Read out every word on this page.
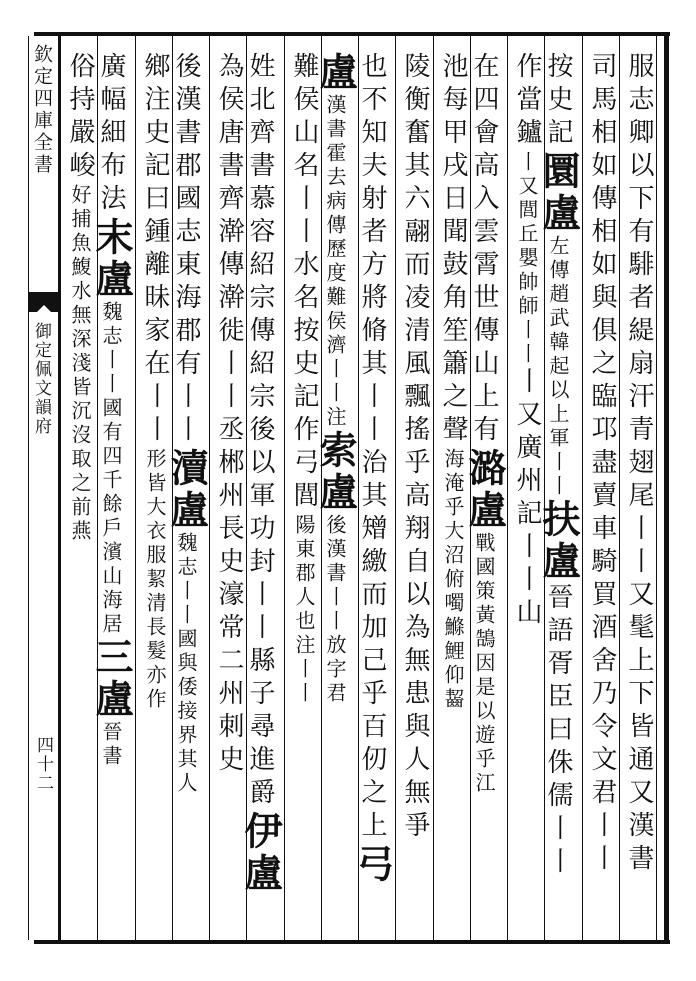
欽定四庫全書
御定佩文韻府
四十二	服志卿以下有騑者緹扇汗青翅尾丨丨又髦上下皆通又漢書
司馬相如傳相如與俱之臨邛盡賣車騎買酒舍乃令文君丨丨
按史記圜盧左傳趙武韓起以上軍丨丨扶盧晉語胥臣曰侏儒丨丨
作當鑪丨又閭丘嬰帥師丨丨丨又廣州記丨丨山
在四會高入雲霄世傳山上有潞盧戰國策黃鵠因是以遊乎江
池每甲戌日聞鼓角笙簫之聲海淹乎大沼俯噣鰷鯉仰齧
陵衡奮其六翮而凌清風飄搖乎高翔自以為無患與人無爭
也不知夫射者方將脩其丨丨治其矰繳而加己乎百仞之上弓
盧漢書霍去病傳歷度難侯濟丨丨注索盧後漢書丨丨放字君
難侯山名丨丨水名按史記作弓閭陽東郡人也注丨丨
姓北齊書慕容紹宗傳紹宗後以軍功封丨丨縣子尋進爵伊盧
為侯唐書齊澣傳澣徙丨丨丞郴州長史濠常二州刺史
後漢書郡國志東海郡有丨丨瀆盧魏志丨丨國與倭接界其人
鄉注史記曰鍾離昧家在丨丨形皆大衣服絜清長髮亦作
廣幅細布法末盧魏志丨丨國有四千餘戶濱山海居三盧晉書
俗持嚴峻好捕魚鰒水無深淺皆沉沒取之前燕
